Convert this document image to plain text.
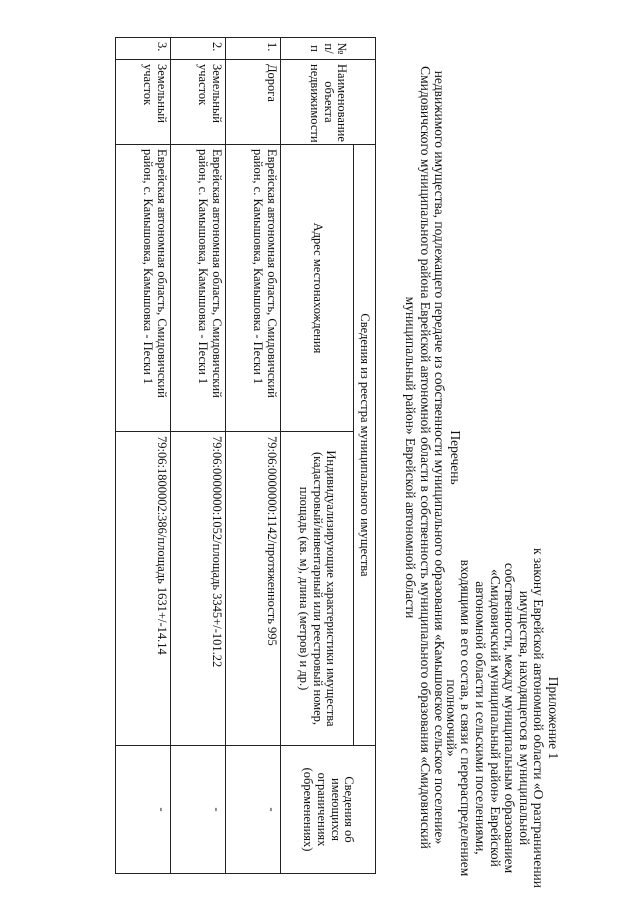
Приложение 1
к закону Еврейской автономной области «О разграничении имущества, находящегося в муниципальной собственности, между муниципальным образованием «Смидовичский муниципальный район» Еврейской автономной области и сельскими поселениями, входящими в его состав, в связи с перераспределением полномочий»
Перечень
недвижимого имущества, подлежащего передаче из собственности муниципального образования «Камышовское сельское поселение» Смидовичского муниципального района Еврейской автономной области в собственность муниципального образования «Смидовичский муниципальный район» Еврейской автономной области
№ п/п	Наименование объекта недвижимости	Сведения из реестра муниципального имущества		Сведения об имеющихся ограничениях (обременениях)
		Адрес местонахождения	Индивидуализирующие характеристики имущества (кадастровый/инвентарный или реестровый номер, площадь (кв. м), длина (метров) и др.)	
1.	Дорога	Еврейская автономная область, Смидовичский район, с. Камышовка, Камышовка - Пески 1	79:06:0000000:1142/протяженность 995	-
2.	Земельный участок	Еврейская автономная область, Смидовичский район, с. Камышовка, Камышовка - Пески 1	79:06:0000000:1052/площадь 3345+/-101.22	-
3.	Земельный участок	Еврейская автономная область, Смидовичский район, с. Камышовка, Камышовка - Пески 1	79:06:1800002:386/площадь 1631+/-14.14	-
